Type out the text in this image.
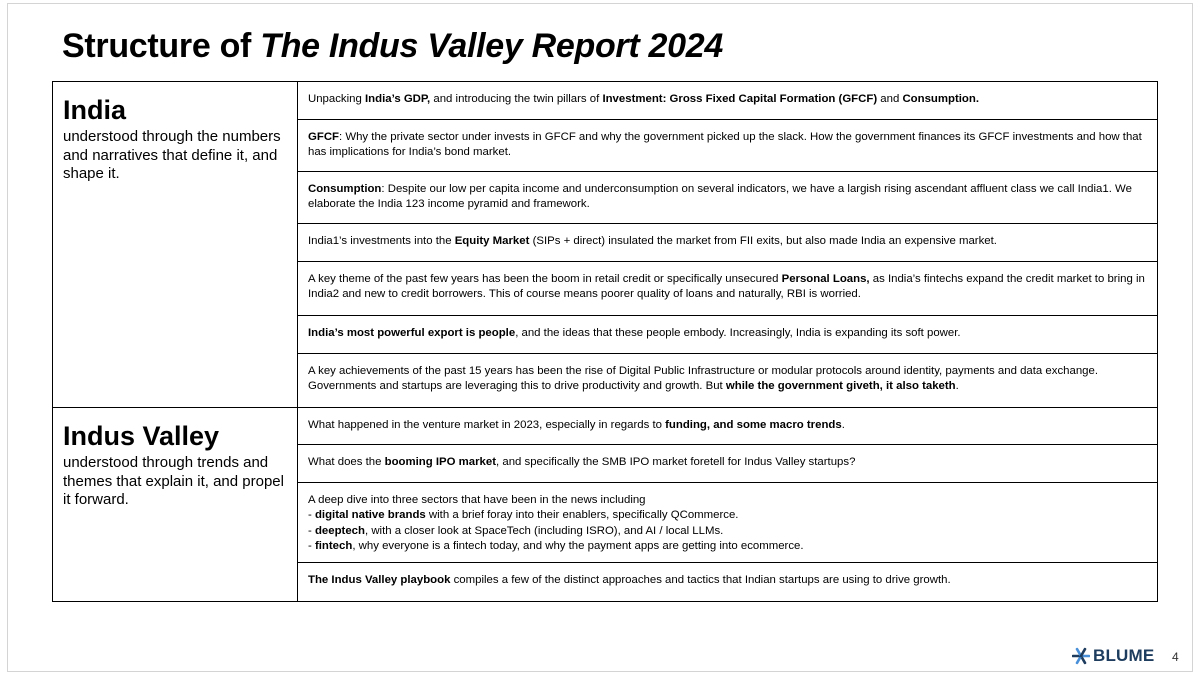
Structure of The Indus Valley Report 2024
India
understood through the numbers and narratives that define it, and shape it.
Indus Valley
understood through trends and themes that explain it, and propel it forward.
Unpacking India’s GDP, and introducing the twin pillars of Investment: Gross Fixed Capital Formation (GFCF) and Consumption.
GFCF: Why the private sector under invests in GFCF and why the government picked up the slack. How the government finances its GFCF investments and how that has implications for India’s bond market.
Consumption: Despite our low per capita income and underconsumption on several indicators, we have a largish rising ascendant affluent class we call India1. We elaborate the India 123 income pyramid and framework.
India1’s investments into the Equity Market (SIPs + direct) insulated the market from FII exits, but also made India an expensive market.
A key theme of the past few years has been the boom in retail credit or specifically unsecured Personal Loans, as India’s fintechs expand the credit market to bring in India2 and new to credit borrowers. This of course means poorer quality of loans and naturally, RBI is worried.
India’s most powerful export is people, and the ideas that these people embody. Increasingly, India is expanding its soft power.
A key achievements of the past 15 years has been the rise of Digital Public Infrastructure or modular protocols around identity, payments and data exchange. Governments and startups are leveraging this to drive productivity and growth. But while the government giveth, it also taketh.
What happened in the venture market in 2023, especially in regards to funding, and some macro trends.
What does the booming IPO market, and specifically the SMB IPO market foretell for Indus Valley startups?
A deep dive into three sectors that have been in the news including
- digital native brands with a brief foray into their enablers, specifically QCommerce.
- deeptech, with a closer look at SpaceTech (including ISRO), and AI / local LLMs.
- fintech, why everyone is a fintech today, and why the payment apps are getting into ecommerce.
The Indus Valley playbook compiles a few of the distinct approaches and tactics that Indian startups are using to drive growth.
BLUME 4
